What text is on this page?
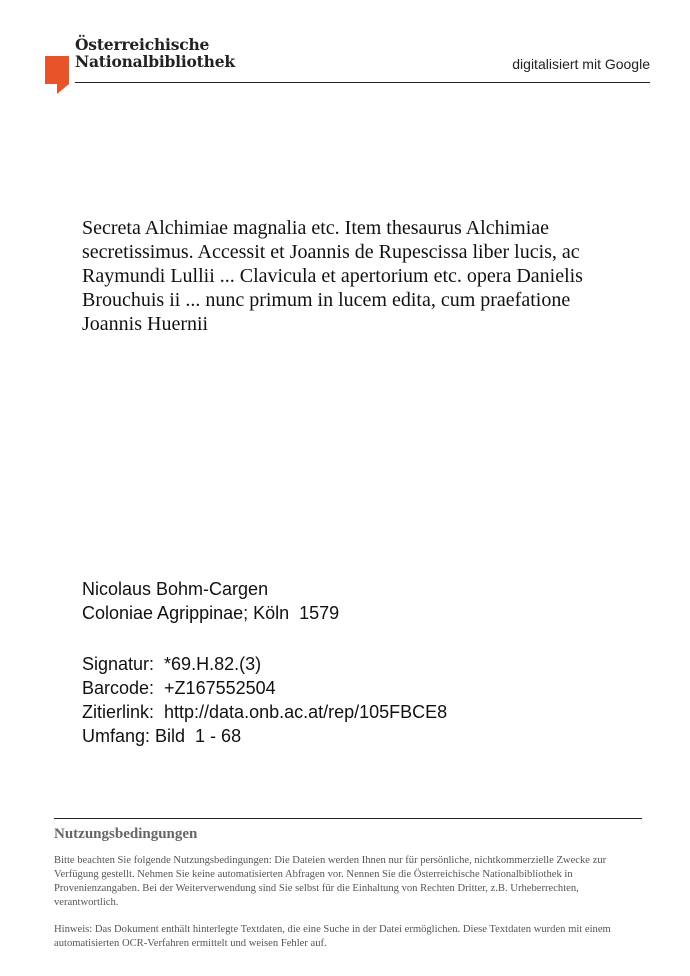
Österreichische
Nationalbibliothek	digitalisiert mit Google
Secreta Alchimiae magnalia etc. Item thesaurus Alchimiae secretissimus. Accessit et Joannis de Rupescissa liber lucis, ac Raymundi Lullii ... Clavicula et apertorium etc. opera Danielis Brouchuis ii ... nunc primum in lucem edita, cum praefatione Joannis Huernii
Nicolaus Bohm-Cargen
Coloniae Agrippinae; Köln  1579
Signatur:  *69.H.82.(3)
Barcode:  +Z167552504
Zitierlink:  http://data.onb.ac.at/rep/105FBCE8
Umfang: Bild  1 - 68
Nutzungsbedingungen
Bitte beachten Sie folgende Nutzungsbedingungen: Die Dateien werden Ihnen nur für persönliche, nichtkommerzielle Zwecke zur Verfügung gestellt. Nehmen Sie keine automatisierten Abfragen vor. Nennen Sie die Österreichische Nationalbibliothek in Provenienzangaben. Bei der Weiterverwendung sind Sie selbst für die Einhaltung von Rechten Dritter, z.B. Urheberrechten, verantwortlich.
Hinweis: Das Dokument enthält hinterlegte Textdaten, die eine Suche in der Datei ermöglichen. Diese Textdaten wurden mit einem automatisierten OCR-Verfahren ermittelt und weisen Fehler auf.
